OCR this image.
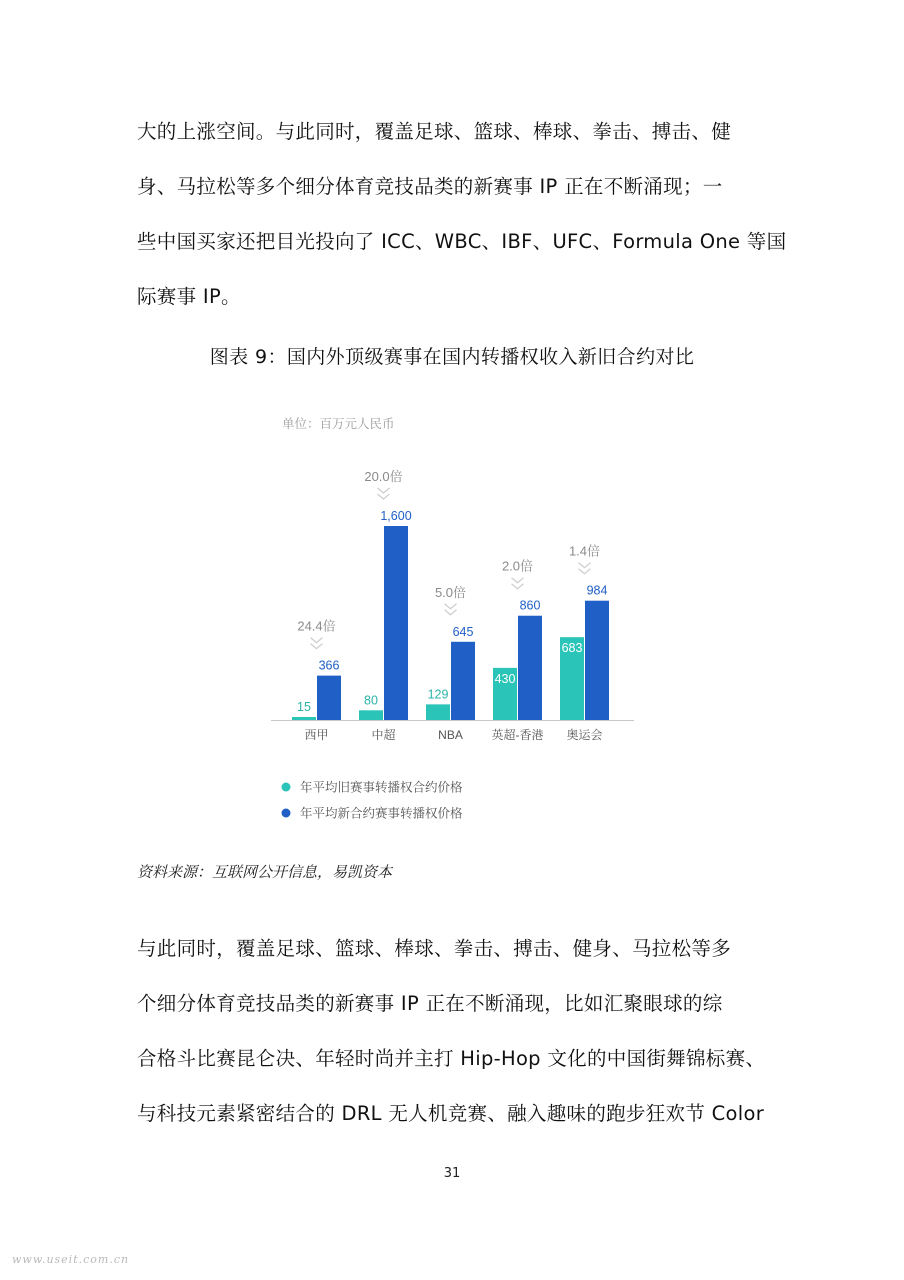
大的上涨空间。与此同时，覆盖足球、篮球、棒球、拳击、搏击、健
身、马拉松等多个细分体育竞技品类的新赛事 IP 正在不断涌现；一
些中国买家还把目光投向了 ICC、WBC、IBF、UFC、Formula One 等国
际赛事 IP。
图表 9：国内外顶级赛事在国内转播权收入新旧合约对比
单位：百万元人民币
15
366
24.4倍
西甲
80
1,600
20.0倍
中超
129
645
5.0倍
NBA
430
860
2.0倍
英超-香港
683
984
1.4倍
奥运会
年平均旧赛事转播权合约价格
年平均新合约赛事转播权价格
资料来源：互联网公开信息，易凯资本
与此同时，覆盖足球、篮球、棒球、拳击、搏击、健身、马拉松等多
个细分体育竞技品类的新赛事 IP 正在不断涌现，比如汇聚眼球的综
合格斗比赛昆仑决、年轻时尚并主打 Hip-Hop 文化的中国街舞锦标赛、
与科技元素紧密结合的 DRL 无人机竞赛、融入趣味的跑步狂欢节 Color
31
www.useit.com.cn
